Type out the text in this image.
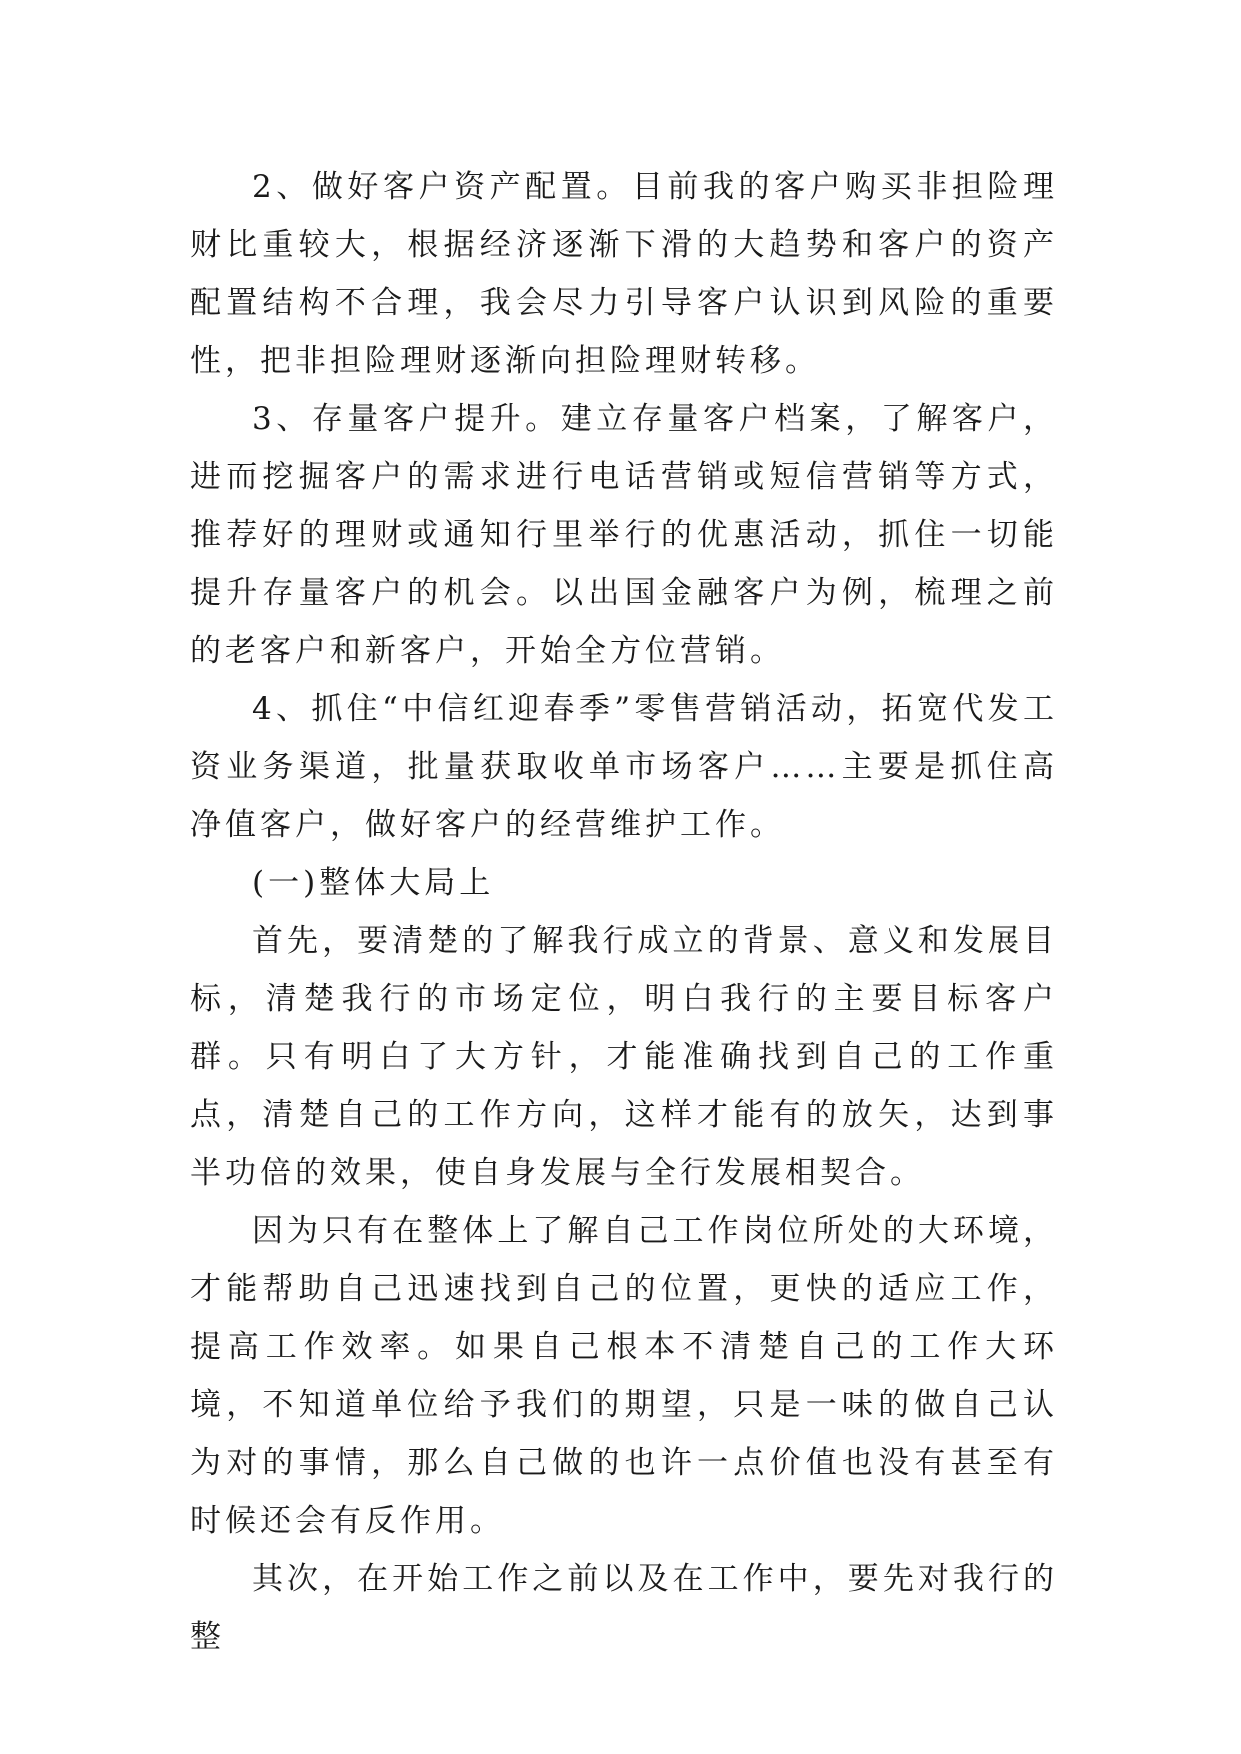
2、做好客户资产配置。目前我的客户购买非担险理财比重较大，根据经济逐渐下滑的大趋势和客户的资产配置结构不合理，我会尽力引导客户认识到风险的重要性，把非担险理财逐渐向担险理财转移。

3、存量客户提升。建立存量客户档案，了解客户，进而挖掘客户的需求进行电话营销或短信营销等方式，推荐好的理财或通知行里举行的优惠活动，抓住一切能提升存量客户的机会。以出国金融客户为例，梳理之前的老客户和新客户，开始全方位营销。

4、抓住“中信红迎春季”零售营销活动，拓宽代发工资业务渠道，批量获取收单市场客户……主要是抓住高净值客户，做好客户的经营维护工作。

(一)整体大局上

首先，要清楚的了解我行成立的背景、意义和发展目标，清楚我行的市场定位，明白我行的主要目标客户群。只有明白了大方针，才能准确找到自己的工作重点，清楚自己的工作方向，这样才能有的放矢，达到事半功倍的效果，使自身发展与全行发展相契合。

因为只有在整体上了解自己工作岗位所处的大环境，才能帮助自己迅速找到自己的位置，更快的适应工作，提高工作效率。如果自己根本不清楚自己的工作大环境，不知道单位给予我们的期望，只是一味的做自己认为对的事情，那么自己做的也许一点价值也没有甚至有时候还会有反作用。

其次，在开始工作之前以及在工作中，要先对我行的整
